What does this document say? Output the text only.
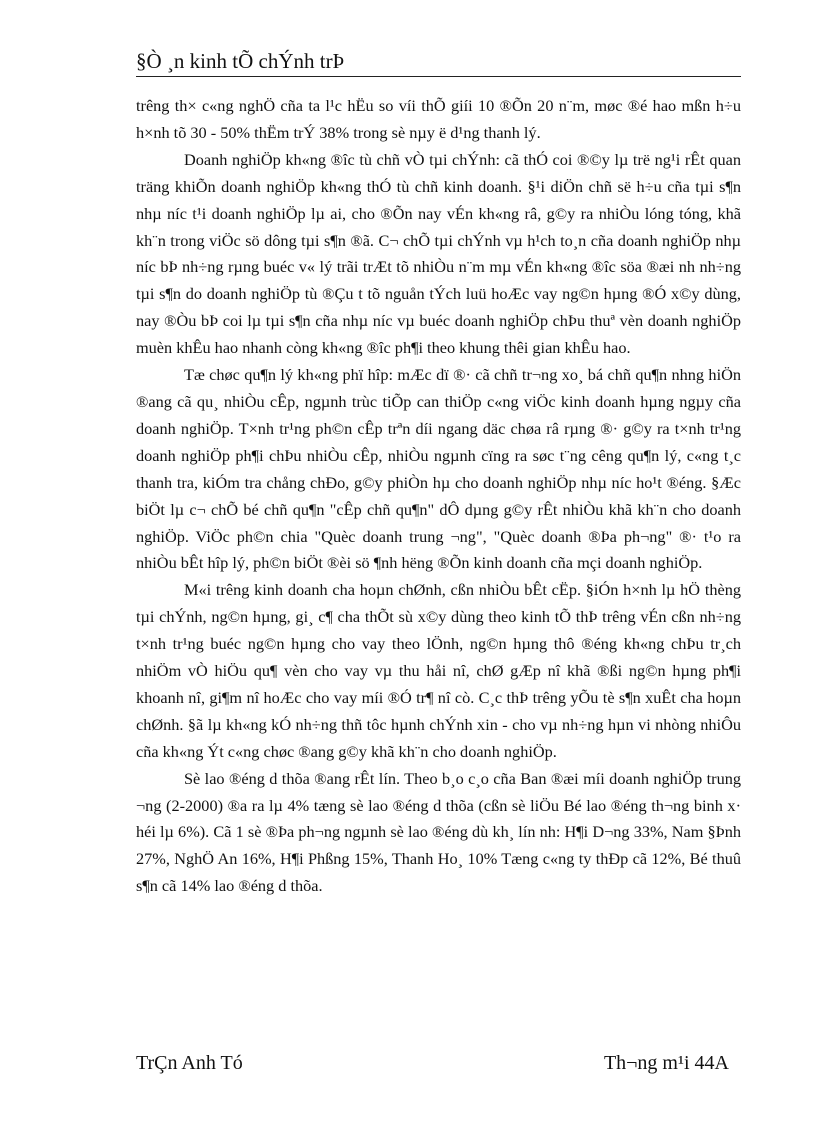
§Ò ¸n kinh tÕ chÝnh trÞ

trêng th× c«ng nghÖ cña ta l¹c hËu so víi thÕ giíi 10 ®Õn 20 n¨m, møc ®é hao mßn h÷u h×nh tõ 30 - 50% thËm trÝ 38% trong sè nµy ë d¹ng thanh lý.

Doanh nghiÖp kh«ng ®îc tù chñ vÒ tµi chÝnh: cã thÓ coi ®©y lµ trë ng¹i rÊt quan träng khiÕn doanh nghiÖp kh«ng thÓ tù chñ kinh doanh. §¹i diÖn chñ së h÷u cña tµi s¶n nhµ níc t¹i doanh nghiÖp lµ ai, cho ®Õn nay vÉn kh«ng râ, g©y ra nhiÒu lóng tóng, khã kh¨n trong viÖc sö dông tµi s¶n ®ã. C¬ chÕ tµi chÝnh vµ h¹ch to¸n cña doanh nghiÖp nhµ níc bÞ nh÷ng rµng buéc v« lý trãi trÆt tõ nhiÒu n¨m mµ vÉn kh«ng ®îc söa ®æi nh nh÷ng tµi s¶n do doanh nghiÖp tù ®Çu t tõ nguån tÝch luü hoÆc vay ng©n hµng ®Ó x©y dùng, nay ®Òu bÞ coi lµ tµi s¶n cña nhµ níc vµ buéc doanh nghiÖp chÞu thuª vèn doanh nghiÖp muèn khÊu hao nhanh còng kh«ng ®îc ph¶i theo khung thêi gian khÊu hao.

Tæ chøc qu¶n lý kh«ng phï hîp: mÆc dï ®· cã chñ tr¬ng xo¸ bá chñ qu¶n nhng hiÖn ®ang cã qu¸ nhiÒu cÊp, ngµnh trùc tiÕp can thiÖp c«ng viÖc kinh doanh hµng ngµy cña doanh nghiÖp. T×nh tr¹ng ph©n cÊp trªn díi ngang däc chøa râ rµng ®· g©y ra t×nh tr¹ng doanh nghiÖp ph¶i chÞu nhiÒu cÊp, nhiÒu ngµnh cïng ra søc t¨ng cêng qu¶n lý, c«ng t¸c thanh tra, kiÓm tra chång chÐo, g©y phiÒn hµ cho doanh nghiÖp nhµ níc ho¹t ®éng. §Æc biÖt lµ c¬ chÕ bé chñ qu¶n "cÊp chñ qu¶n" dÔ dµng g©y rÊt nhiÒu khã kh¨n cho doanh nghiÖp. ViÖc ph©n chia "Quèc doanh trung ¬ng", "Quèc doanh ®Þa ph¬ng" ®· t¹o ra nhiÒu bÊt hîp lý, ph©n biÖt ®èi sö ¶nh hëng ®Õn kinh doanh cña mçi doanh nghiÖp.

M«i trêng kinh doanh cha hoµn chØnh, cßn nhiÒu bÊt cËp. §iÓn h×nh lµ hÖ thèng tµi chÝnh, ng©n hµng, gi¸ c¶ cha thÕt sù x©y dùng theo kinh tÕ thÞ trêng vÉn cßn nh÷ng t×nh tr¹ng buéc ng©n hµng cho vay theo lÖnh, ng©n hµng thô ®éng kh«ng chÞu tr¸ch nhiÖm vÒ hiÖu qu¶ vèn cho vay vµ thu håi nî, chØ gÆp nî khã ®ßi ng©n hµng ph¶i khoanh nî, gi¶m nî hoÆc cho vay míi ®Ó tr¶ nî cò. C¸c thÞ trêng yÕu tè s¶n xuÊt cha hoµn chØnh. §ã lµ kh«ng kÓ nh÷ng thñ tôc hµnh chÝnh xin - cho vµ nh÷ng hµn vi nhòng nhiÔu cña kh«ng Ýt c«ng chøc ®ang g©y khã kh¨n cho doanh nghiÖp.

Sè lao ®éng d thõa ®ang rÊt lín. Theo b¸o c¸o cña Ban ®æi míi doanh nghiÖp trung ¬ng (2-2000) ®a ra lµ 4% tæng sè lao ®éng d thõa (cßn sè liÖu Bé lao ®éng th¬ng binh x· héi lµ 6%). Cã 1 sè ®Þa ph¬ng ngµnh sè lao ®éng dù kh¸ lín nh: H¶i D¬ng 33%, Nam §Þnh 27%, NghÖ An 16%, H¶i Phßng 15%, Thanh Ho¸ 10% Tæng c«ng ty thÐp cã 12%, Bé thuû s¶n cã 14% lao ®éng d thõa.

TrÇn Anh Tó	Th¬ng m¹i 44A
